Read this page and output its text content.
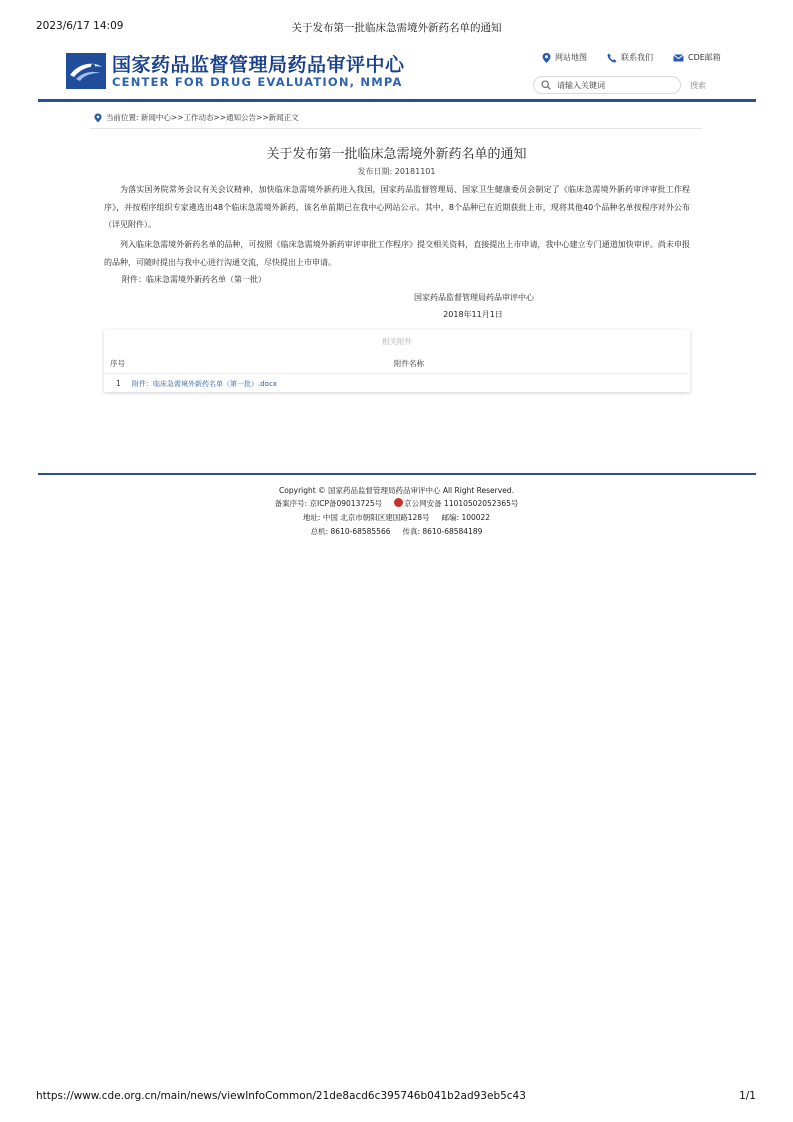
2023/6/17 14:09	关于发布第一批临床急需境外新药名单的通知
国家药品监督管理局药品审评中心
CENTER FOR DRUG EVALUATION, NMPA
网站地图	联系我们	CDE邮箱
请输入关键词
搜索
当前位置: 新闻中心>>工作动态>>通知公告>>新闻正文
关于发布第一批临床急需境外新药名单的通知
发布日期: 20181101
为落实国务院常务会议有关会议精神，加快临床急需境外新药进入我国，国家药品监督管理局、国家卫生健康委员会制定了《临床急需境外新药审评审批工作程序》，并按程序组织专家遴选出48个临床急需境外新药，该名单前期已在我中心网站公示。其中，8个品种已在近期获批上市，现将其他40个品种名单按程序对外公布（详见附件）。
列入临床急需境外新药名单的品种，可按照《临床急需境外新药审评审批工作程序》提交相关资料，直接提出上市申请，我中心建立专门通道加快审评。尚未申报的品种，可随时提出与我中心进行沟通交流，尽快提出上市申请。
附件：临床急需境外新药名单（第一批）
国家药品监督管理局药品审评中心
2018年11月1日
相关附件
序号	附件名称
1 附件：临床急需境外新药名单（第一批）.docx
Copyright © 国家药品监督管理局药品审评中心 All Right Reserved.
备案序号: 京ICP备09013725号	京公网安备 11010502052365号
地址: 中国 北京市朝阳区建国路128号 邮编: 100022
总机: 8610-68585566 传真: 8610-68584189
https://www.cde.org.cn/main/news/viewInfoCommon/21de8acd6c395746b041b2ad93eb5c43	1/1
